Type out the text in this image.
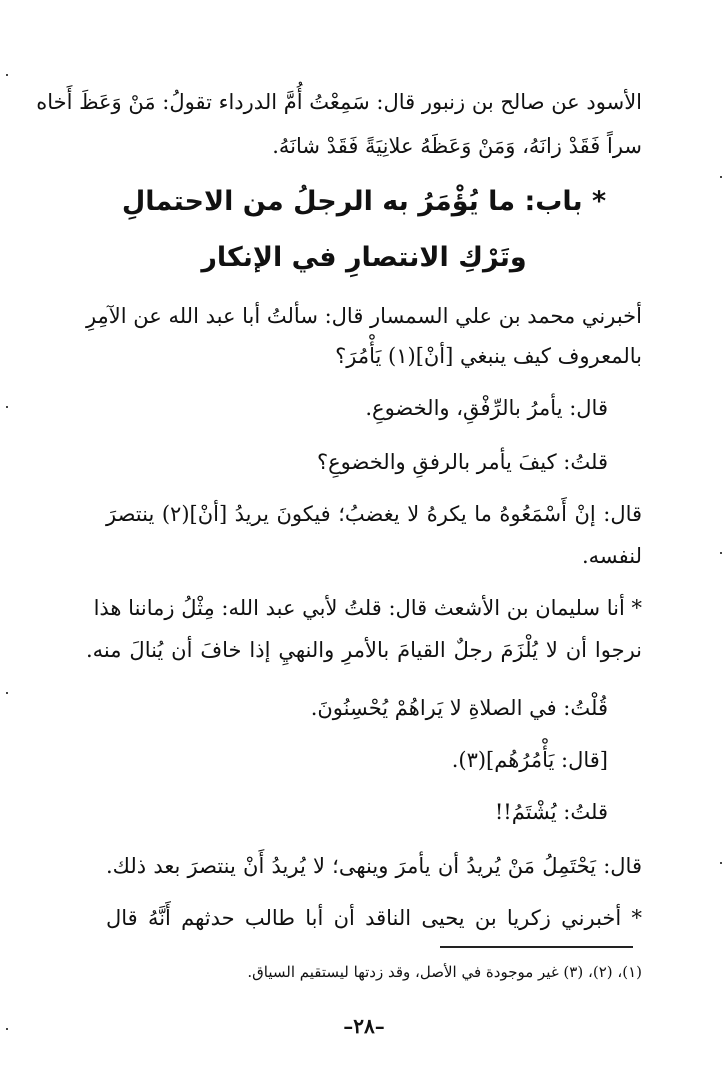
الأسود عن صالح بن زنبور قال: سَمِعْتُ أُمَّ الدرداء تقولُ: مَنْ وَعَظَ أَخاه
سراً فَقَدْ زانَهُ، وَمَنْ وَعَظَهُ علانِيَةً فَقَدْ شانَهُ.
* باب: ما يُؤْمَرُ به الرجلُ من الاحتمالِ
وتَرْكِ الانتصارِ في الإنكار
أخبرني محمد بن علي السمسار قال: سألتُ أبا عبد الله عن الآمِرِ
بالمعروف كيف ينبغي [أنْ](١) يَأْمُرَ؟
قال: يأمرُ بالرِّفْقِ، والخضوعِ.
قلتُ: كيفَ يأمر بالرفقِ والخضوعِ؟
قال: إنْ أَسْمَعُوهُ ما يكرهُ لا يغضبُ؛ فيكونَ يريدُ [أنْ](٢) ينتصرَ
لنفسه.
* أنا سليمان بن الأشعث قال: قلتُ لأبي عبد الله: مِثْلُ زماننا هذا
نرجوا أن لا يُلْزَمَ رجلٌ القيامَ بالأمرِ والنهيِ إذا خافَ أن يُنالَ منه.
قُلْتُ: في الصلاةِ لا يَراهُمْ يُحْسِنُونَ.
[قال: يَأْمُرُهُم](٣).
قلتُ: يُشْتَمُ!!
قال: يَحْتَمِلُ مَنْ يُريدُ أن يأمرَ وينهى؛ لا يُريدُ أَنْ ينتصرَ بعد ذلك.
* أخبرني زكريا بن يحيى الناقد أن أبا طالب حدثهم أَنَّهُ قال
(١)، (٢)، (٣) غير موجودة في الأصل، وقد زدتها ليستقيم السياق.
–٢٨–
